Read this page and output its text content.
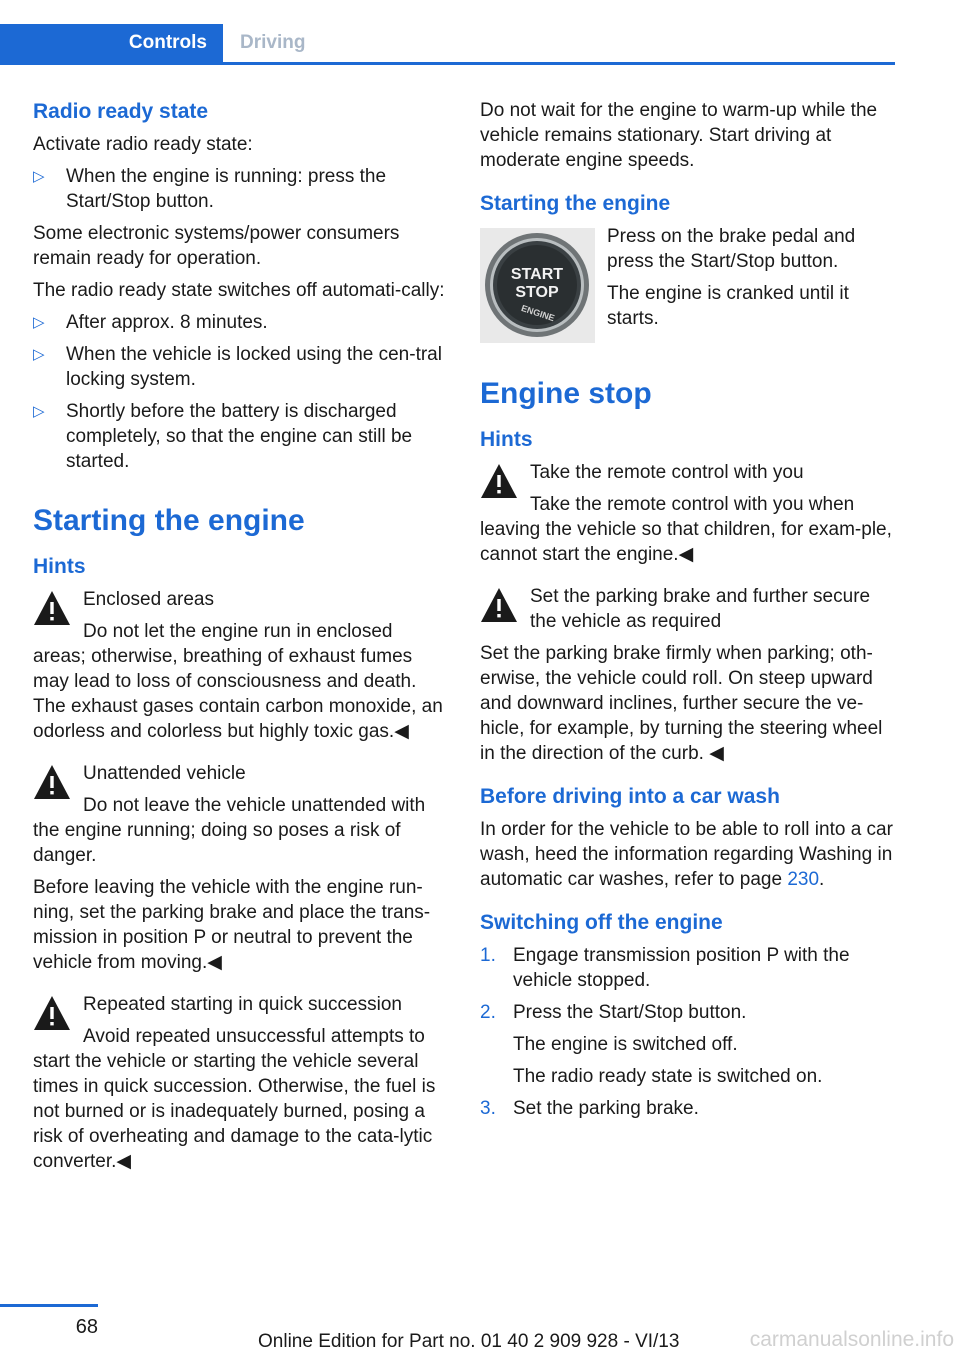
Controls	Driving
Radio ready state

Activate radio ready state:

▷ When the engine is running: press the Start/Stop button.

Some electronic systems/power consumers remain ready for operation.

The radio ready state switches off automati‐cally:

▷ After approx. 8 minutes.
▷ When the vehicle is locked using the cen‐tral locking system.
▷ Shortly before the battery is discharged completely, so that the engine can still be started.
Starting the engine
Hints
Enclosed areas

Do not let the engine run in enclosed areas; otherwise, breathing of exhaust fumes may lead to loss of consciousness and death. The exhaust gases contain carbon monoxide, an odorless and colorless but highly toxic gas.◀

Unattended vehicle

Do not leave the vehicle unattended with the engine running; doing so poses a risk of danger.

Before leaving the vehicle with the engine run‐ning, set the parking brake and place the trans‐mission in position P or neutral to prevent the vehicle from moving.◀

Repeated starting in quick succession

Avoid repeated unsuccessful attempts to start the vehicle or starting the vehicle several times in quick succession. Otherwise, the fuel is not burned or is inadequately burned, posing a risk of overheating and damage to the cata‐lytic converter.◀

Do not wait for the engine to warm-up while the vehicle remains stationary. Start driving at moderate engine speeds.

Starting the engine
START
STOP
ENGINE

Press on the brake pedal and press the Start/Stop button.

The engine is cranked until it starts.

Engine stop
Hints
Take the remote control with you

Take the remote control with you when leaving the vehicle so that children, for exam‐ple, cannot start the engine.◀

Set the parking brake and further secure the vehicle as required

Set the parking brake firmly when parking; oth‐erwise, the vehicle could roll. On steep upward and downward inclines, further secure the ve‐hicle, for example, by turning the steering wheel in the direction of the curb. ◀

Before driving into a car wash

In order for the vehicle to be able to roll into a car wash, heed the information regarding Washing in automatic car washes, refer to page 230.

Switching off the engine
1. Engage transmission position P with the vehicle stopped.
2. Press the Start/Stop button.
The engine is switched off.
The radio ready state is switched on.
3. Set the parking brake.
68
Online Edition for Part no. 01 40 2 909 928 - VI/13	carmanualsonline.info
